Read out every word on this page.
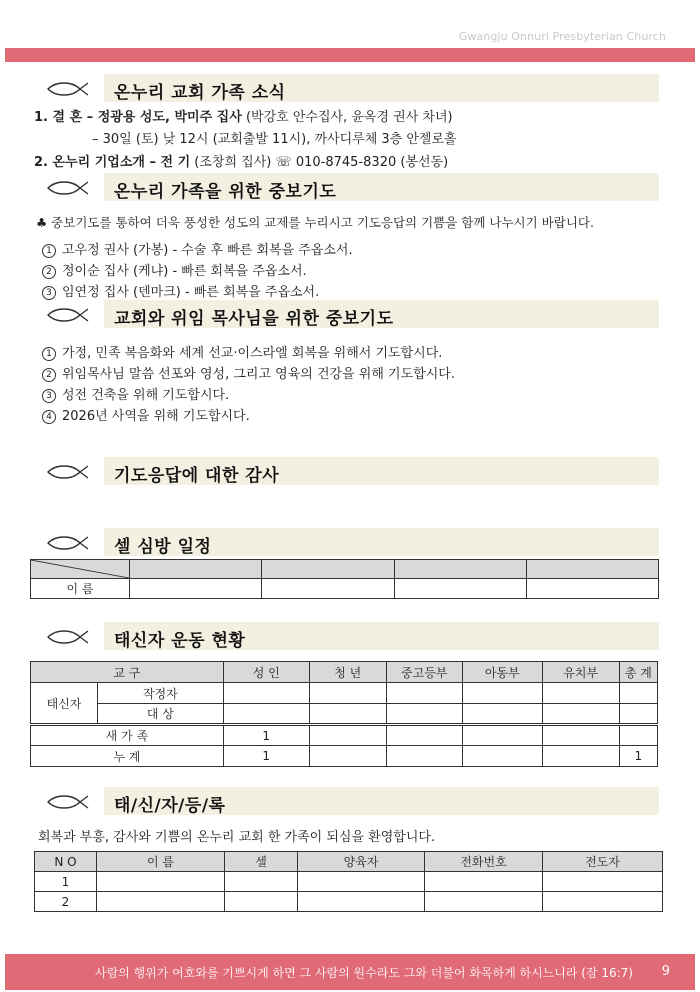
Gwangju Onnuri Presbyterian Church
온누리 교회 가족 소식
1. 결 혼 – 정광용 성도, 박미주 집사 (박강호 안수집사, 윤옥경 권사 차녀)
– 30일 (토) 낮 12시 (교회출발 11시), 까사디루체 3층 안젤로홀
2. 온누리 기업소개 – 전 기 (조창희 집사) ☏ 010-8745-8320 (봉선동)
온누리 가족을 위한 중보기도
♣ 중보기도를 통하여 더욱 풍성한 성도의 교제를 누리시고 기도응답의 기쁨을 함께 나누시기 바랍니다.
1 고우정 권사 (가봉) - 수술 후 빠른 회복을 주옵소서.
2 정이순 집사 (케냐) - 빠른 회복을 주옵소서.
3 임연정 집사 (덴마크) - 빠른 회복을 주옵소서.
교회와 위임 목사님을 위한 중보기도
1 가정, 민족 복음화와 세계 선교·이스라엘 회복을 위해서 기도합시다.
2 위임목사님 말씀 선포와 영성, 그리고 영육의 건강을 위해 기도합시다.
3 성전 건축을 위해 기도합시다.
4 2026년 사역을 위해 기도합시다.
기도응답에 대한 감사
셀 심방 일정

이 름				
태신자 운동 현황
교 구		성 인	청 년	중고등부	아동부	유치부	총 계
태신자	작정자						
	대 상						
새 가 족		1					
누 계		1					1
태/신/자/등/록
회복과 부흥, 감사와 기쁨의 온누리 교회 한 가족이 되심을 환영합니다.
N O	이 름	셀	양육자	전화번호	전도자
1					
2					
사람의 행위가 여호와를 기쁘시게 하면 그 사람의 원수라도 그와 더불어 화목하게 하시느니라 (잠 16:7) 9
